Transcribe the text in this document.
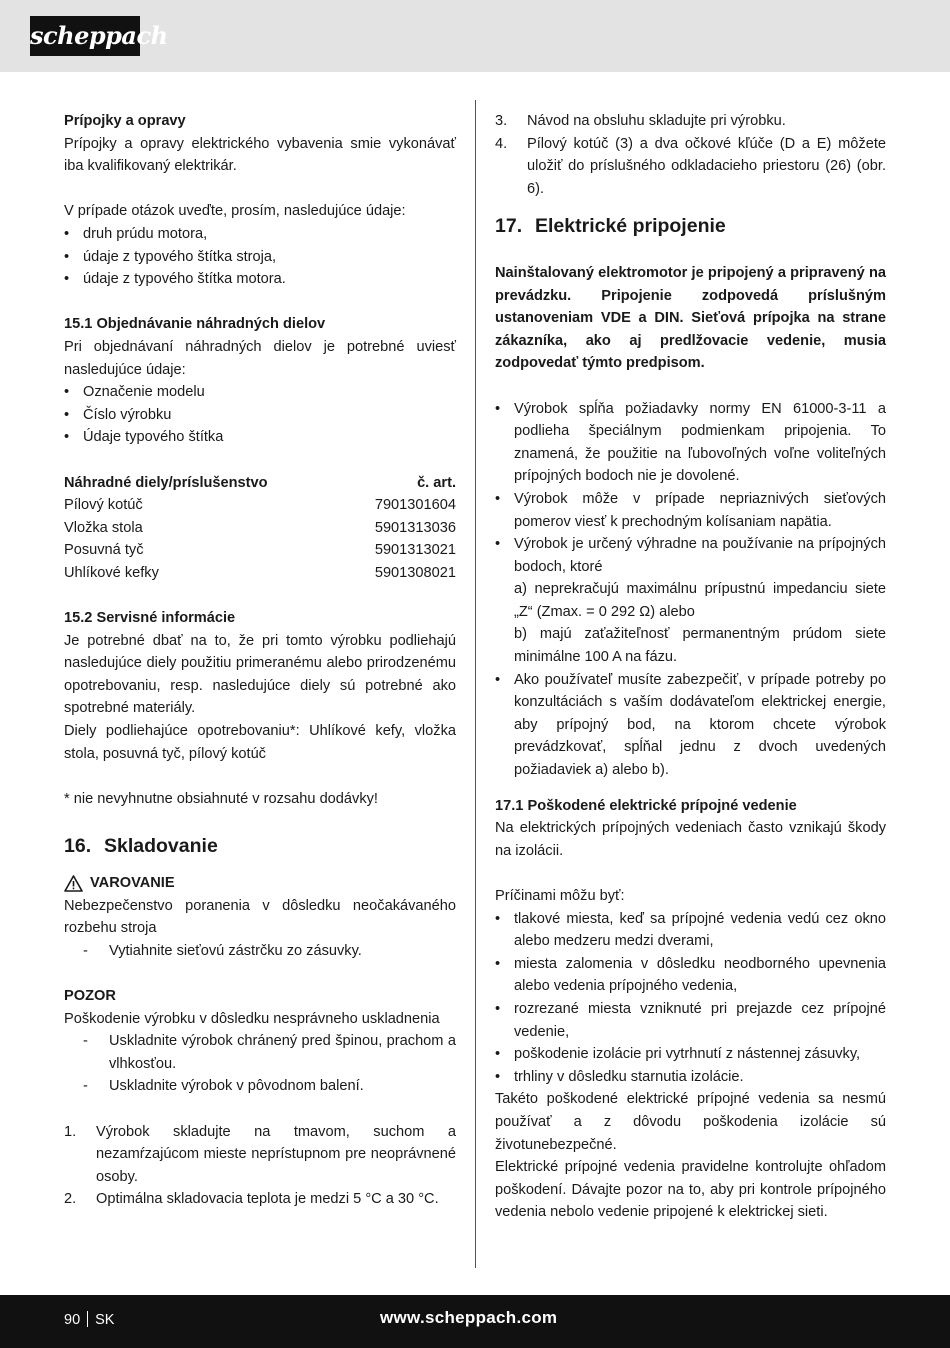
scheppach
Prípojky a opravy
Prípojky a opravy elektrického vybavenia smie vykonávať iba kvalifikovaný elektrikár.
V prípade otázok uveďte, prosím, nasledujúce údaje:
• druh prúdu motora,
• údaje z typového štítka stroja,
• údaje z typového štítka motora.
15.1 Objednávanie náhradných dielov
Pri objednávaní náhradných dielov je potrebné uviesť nasledujúce údaje:
• Označenie modelu
• Číslo výrobku
• Údaje typového štítka
Náhradné diely/príslušenstvo	č. art.
Pílový kotúč	7901301604
Vložka stola	5901313036
Posuvná tyč	5901313021
Uhlíkové kefky	5901308021
15.2 Servisné informácie
Je potrebné dbať na to, že pri tomto výrobku podliehajú nasledujúce diely použitiu primeranému alebo prirodzenému opotrebovaniu, resp. nasledujúce diely sú potrebné ako spotrebné materiály.
Diely podliehajúce opotrebovaniu*: Uhlíkové kefy, vložka stola, posuvná tyč, pílový kotúč
* nie nevyhnutne obsiahnuté v rozsahu dodávky!
16. Skladovanie
VAROVANIE
Nebezpečenstvo poranenia v dôsledku neočakávaného rozbehu stroja
- Vytiahnite sieťovú zástrčku zo zásuvky.
POZOR
Poškodenie výrobku v dôsledku nesprávneho uskladnenia
- Uskladnite výrobok chránený pred špinou, prachom a vlhkosťou.
- Uskladnite výrobok v pôvodnom balení.
1. Výrobok skladujte na tmavom, suchom a nezamŕzajúcom mieste neprístupnom pre neoprávnené osoby.
2. Optimálna skladovacia teplota je medzi 5 °C a 30 °C.
3. Návod na obsluhu skladujte pri výrobku.
4. Pílový kotúč (3) a dva očkové kľúče (D a E) môžete uložiť do príslušného odkladacieho priestoru (26) (obr. 6).
17. Elektrické pripojenie
Nainštalovaný elektromotor je pripojený a pripravený na prevádzku. Pripojenie zodpovedá príslušným ustanoveniam VDE a DIN. Sieťová prípojka na strane zákazníka, ako aj predlžovacie vedenie, musia zodpovedať týmto predpisom.
• Výrobok spĺňa požiadavky normy EN 61000-3-11 a podlieha špeciálnym podmienkam pripojenia. To znamená, že použitie na ľubovoľných voľne voliteľných prípojných bodoch nie je dovolené.
• Výrobok môže v prípade nepriaznivých sieťových pomerov viesť k prechodným kolísaniam napätia.
• Výrobok je určený výhradne na používanie na prípojných bodoch, ktoré
a) neprekračujú maximálnu prípustnú impedanciu siete „Z“ (Zmax. = 0 292 Ω) alebo
b) majú zaťažiteľnosť permanentným prúdom siete minimálne 100 A na fázu.
• Ako používateľ musíte zabezpečiť, v prípade potreby po konzultáciách s vaším dodávateľom elektrickej energie, aby prípojný bod, na ktorom chcete výrobok prevádzkovať, spĺňal jednu z dvoch uvedených požiadaviek a) alebo b).
17.1 Poškodené elektrické prípojné vedenie
Na elektrických prípojných vedeniach často vznikajú škody na izolácii.
Príčinami môžu byť:
• tlakové miesta, keď sa prípojné vedenia vedú cez okno alebo medzeru medzi dverami,
• miesta zalomenia v dôsledku neodborného upevnenia alebo vedenia prípojného vedenia,
• rozrezané miesta vzniknuté pri prejazde cez prípojné vedenie,
• poškodenie izolácie pri vytrhnutí z nástennej zásuvky,
• trhliny v dôsledku starnutia izolácie.
Takéto poškodené elektrické prípojné vedenia sa nesmú používať a z dôvodu poškodenia izolácie sú životunebezpečné.
Elektrické prípojné vedenia pravidelne kontrolujte ohľadom poškodení. Dávajte pozor na to, aby pri kontrole prípojného vedenia nebolo vedenie pripojené k elektrickej sieti.
90 SK	www.scheppach.com
